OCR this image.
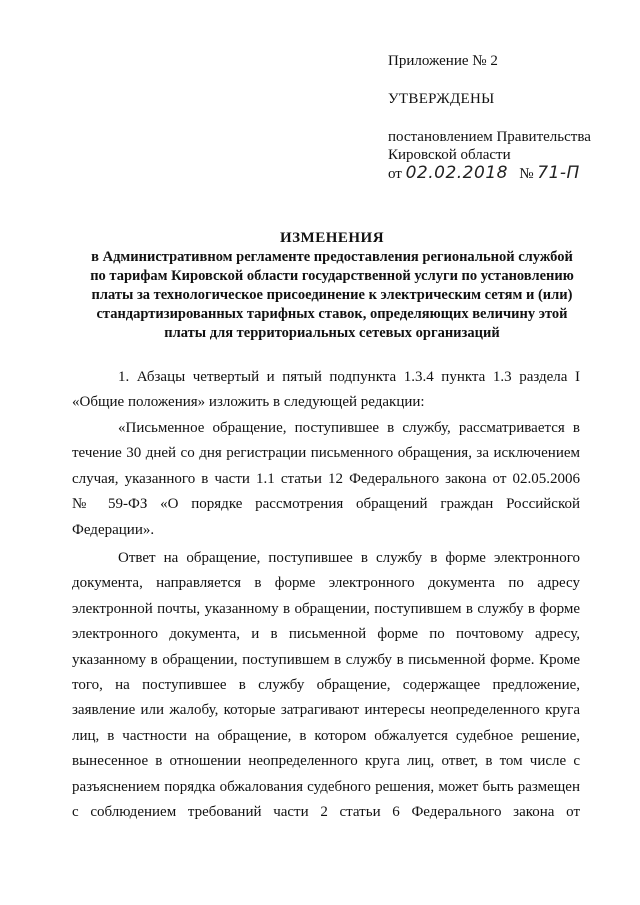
Приложение № 2
УТВЕРЖДЕНЫ
постановлением Правительства
Кировской области
от 02.02.2018 № 71-П
ИЗМЕНЕНИЯ
в Административном регламенте предоставления региональной службой
по тарифам Кировской области государственной услуги по установлению
платы за технологическое присоединение к электрическим сетям и (или)
стандартизированных тарифных ставок, определяющих величину этой
платы для территориальных сетевых организаций
1. Абзацы четвертый и пятый подпункта 1.3.4 пункта 1.3 раздела I
«Общие положения» изложить в следующей редакции:
«Письменное обращение, поступившее в службу, рассматривается в
течение 30 дней со дня регистрации письменного обращения, за исключением
случая, указанного в части 1.1 статьи 12 Федерального закона от 02.05.2006
№ 59-ФЗ «О порядке рассмотрения обращений граждан Российской
Федерации».
Ответ на обращение, поступившее в службу в форме электронного
документа, направляется в форме электронного документа по адресу
электронной почты, указанному в обращении, поступившем в службу в форме
электронного документа, и в письменной форме по почтовому адресу,
указанному в обращении, поступившем в службу в письменной форме. Кроме
того, на поступившее в службу обращение, содержащее предложение,
заявление или жалобу, которые затрагивают интересы неопределенного круга
лиц, в частности на обращение, в котором обжалуется судебное решение,
вынесенное в отношении неопределенного круга лиц, ответ, в том числе с
разъяснением порядка обжалования судебного решения, может быть размещен
с соблюдением требований части 2 статьи 6 Федерального закона от
